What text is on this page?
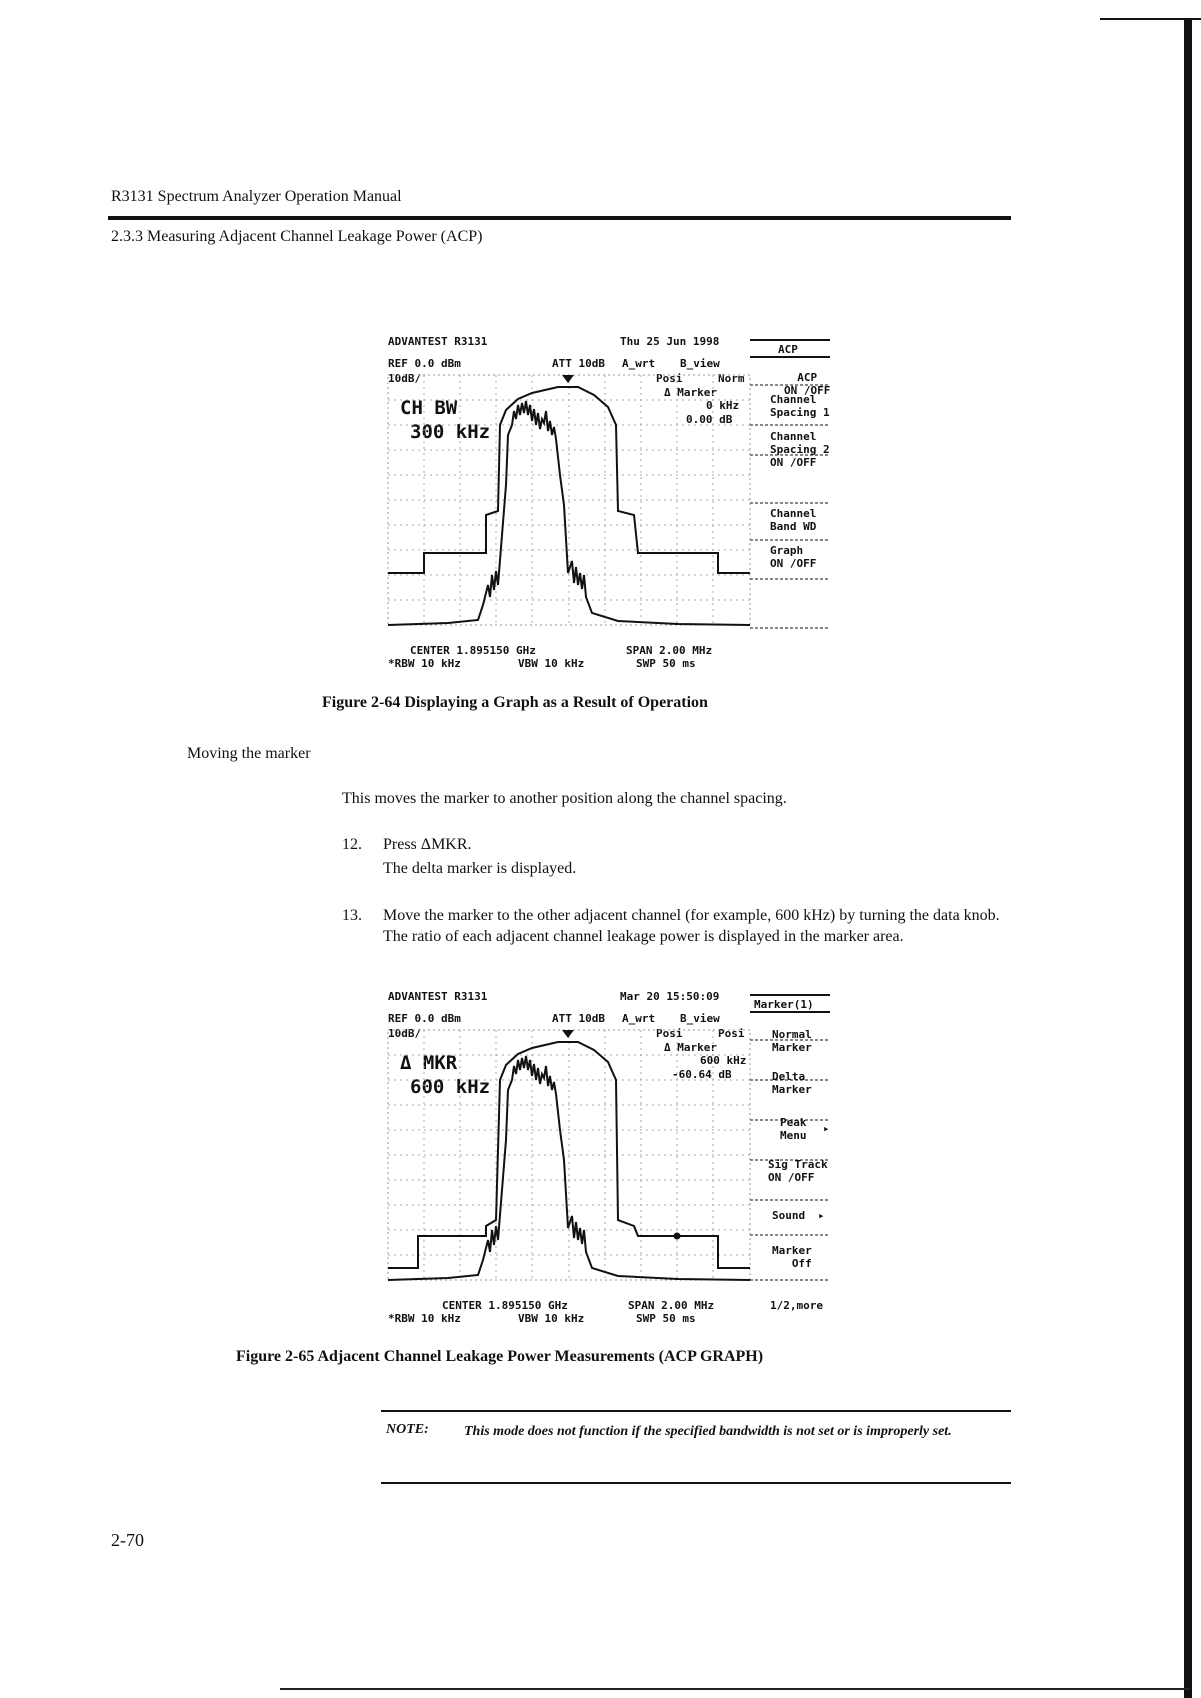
R3131 Spectrum Analyzer Operation Manual
2.3.3 Measuring Adjacent Channel Leakage Power (ACP)
ADVANTEST R3131	Thu 25 Jun 1998
ACP
REF 0.0 dBm	ATT 10dB A_wrt B_view
10dB/	Posi	Norm
Δ Marker
0 kHz
0.00 dB
CH BW
300 kHz
ACP
ON /OFF
Channel
Spacing 1
Channel
Spacing 2
ON /OFF
Channel
Band WD
Graph
ON /OFF
CENTER 1.895150 GHz	SPAN 2.00 MHz
*RBW 10 kHz	VBW 10 kHz	SWP 50 ms
Figure 2-64 Displaying a Graph as a Result of Operation
Moving the marker
This moves the marker to another position along the channel spacing.
12. Press ΔMKR.
The delta marker is displayed.
13. Move the marker to the other adjacent channel (for example, 600 kHz) by turning the data knob. The ratio of each adjacent channel leakage power is displayed in the marker area.
ADVANTEST R3131	Mar 20 15:50:09
Marker(1)
REF 0.0 dBm	ATT 10dB A_wrt B_view
10dB/	Posi	Posi
Δ Marker
600 kHz
-60.64 dB
Δ MKR
600 kHz
Normal
Marker
Delta
Marker
Peak
Menu
▸
Sig Track
ON /OFF
Sound ▸
Marker
Off
CENTER 1.895150 GHz	SPAN 2.00 MHz	1/2,more
*RBW 10 kHz	VBW 10 kHz	SWP 50 ms
Figure 2-65 Adjacent Channel Leakage Power Measurements (ACP GRAPH)
NOTE:	This mode does not function if the specified bandwidth is not set or is improperly set.
2-70
